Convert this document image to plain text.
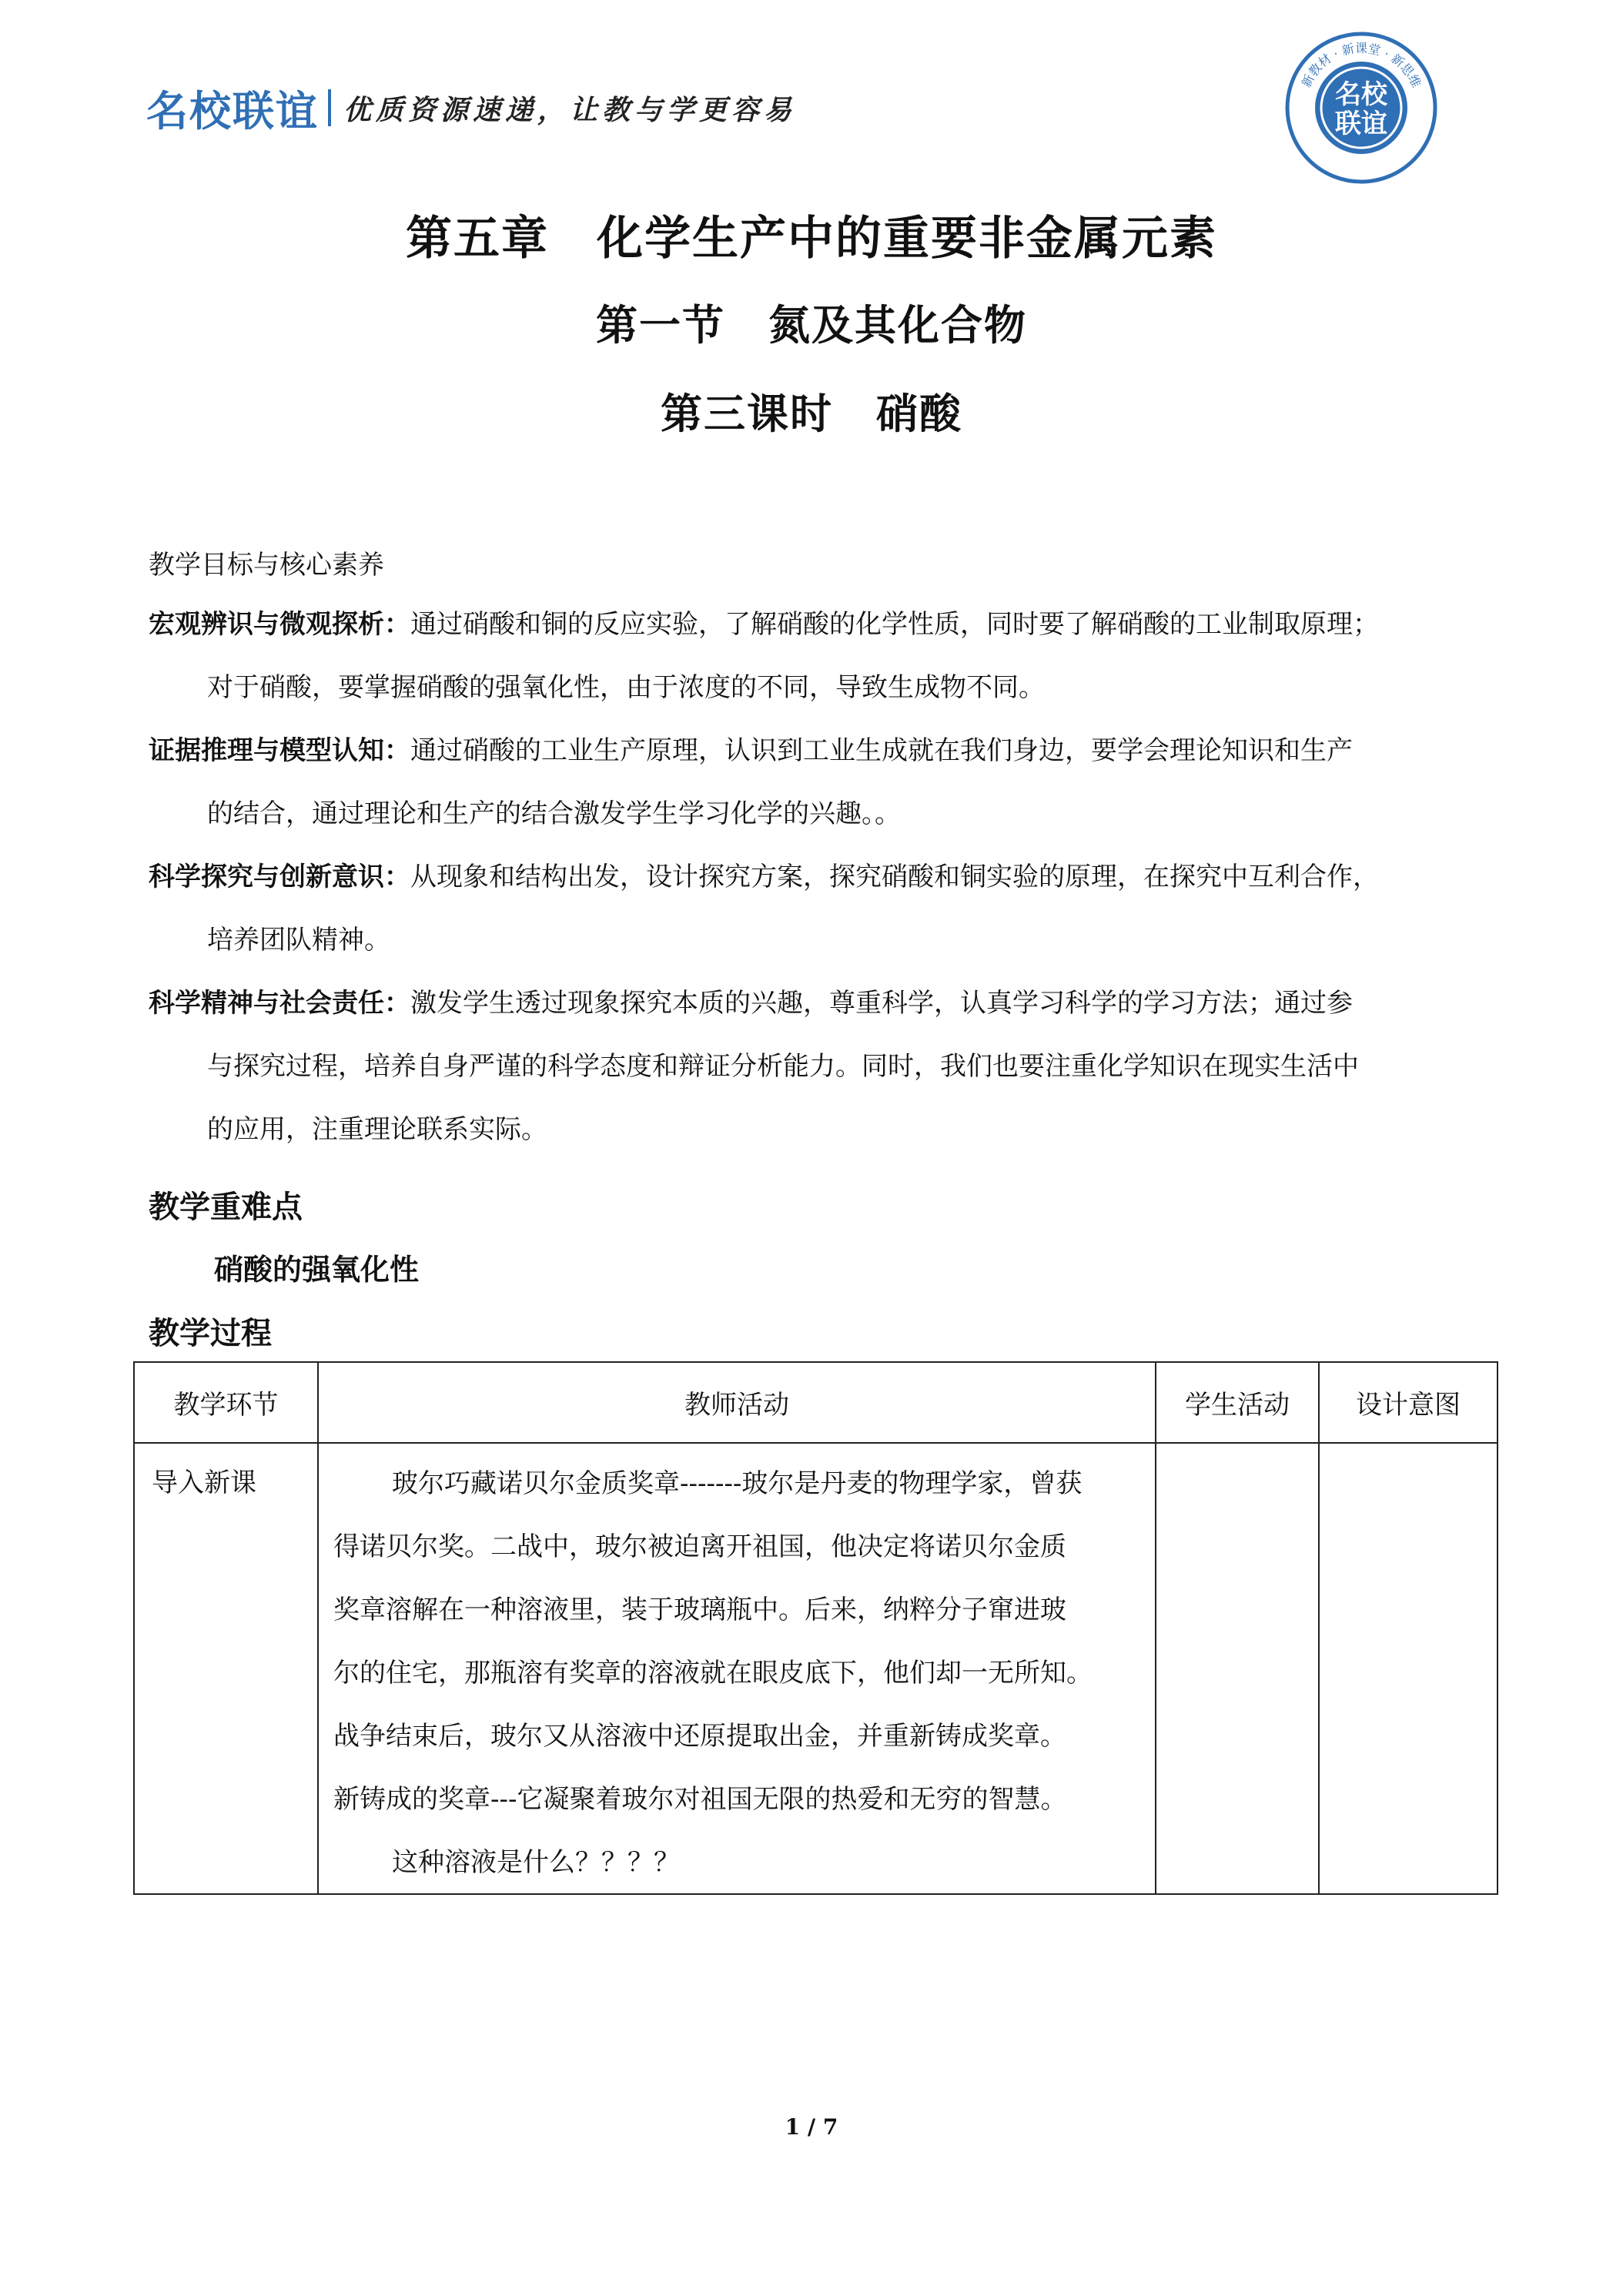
名校联谊 优质资源速递，让教与学更容易	名校
联谊
新教材 · 新课堂 · 新思维
第五章　化学生产中的重要非金属元素
第一节　氮及其化合物
第三课时　硝酸
教学目标与核心素养
宏观辨识与微观探析：通过硝酸和铜的反应实验，了解硝酸的化学性质，同时要了解硝酸的工业制取原理；
对于硝酸，要掌握硝酸的强氧化性，由于浓度的不同，导致生成物不同。
证据推理与模型认知：通过硝酸的工业生产原理，认识到工业生成就在我们身边，要学会理论知识和生产
的结合，通过理论和生产的结合激发学生学习化学的兴趣。。
科学探究与创新意识：从现象和结构出发，设计探究方案，探究硝酸和铜实验的原理，在探究中互利合作，
培养团队精神。
科学精神与社会责任：激发学生透过现象探究本质的兴趣，尊重科学，认真学习科学的学习方法；通过参
与探究过程，培养自身严谨的科学态度和辩证分析能力。同时，我们也要注重化学知识在现实生活中
的应用，注重理论联系实际。
教学重难点
硝酸的强氧化性
教学过程
教学环节	教师活动	学生活动	设计意图
导入新课	玻尔巧藏诺贝尔金质奖章-------玻尔是丹麦的物理学家，曾获

得诺贝尔奖。二战中，玻尔被迫离开祖国，他决定将诺贝尔金质

奖章溶解在一种溶液里，装于玻璃瓶中。后来，纳粹分子窜进玻

尔的住宅，那瓶溶有奖章的溶液就在眼皮底下，他们却一无所知。

战争结束后，玻尔又从溶液中还原提取出金，并重新铸成奖章。

新铸成的奖章---它凝聚着玻尔对祖国无限的热爱和无穷的智慧。

这种溶液是什么？？？？

1 / 7
